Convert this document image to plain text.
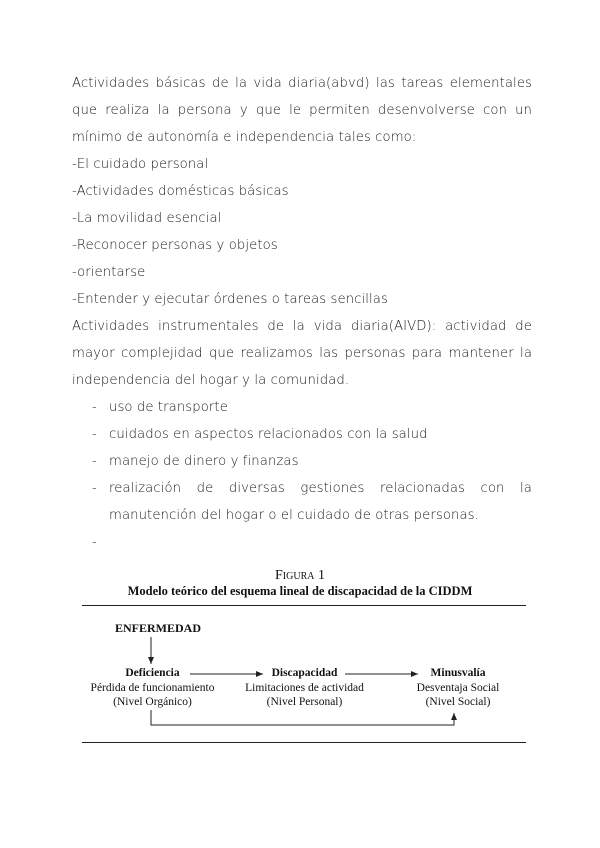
Actividades básicas de la vida diaria(abvd) las tareas elementales que realiza la persona y que le permiten desenvolverse con un mínimo de autonomía e independencia tales como:
-El cuidado personal
-Actividades domésticas básicas
-La movilidad esencial
-Reconocer personas y objetos
-orientarse
-Entender y ejecutar órdenes o tareas sencillas
Actividades instrumentales de la vida diaria(AIVD): actividad de mayor complejidad que realizamos las personas para mantener la independencia del hogar y la comunidad.
- uso de transporte
- cuidados en aspectos relacionados con la salud
- manejo de dinero y finanzas
- realización de diversas gestiones relacionadas con la manutención del hogar o el cuidado de otras personas.
-
Figura 1
Modelo teórico del esquema lineal de discapacidad de la CIDDM
ENFERMEDAD
Deficiencia
Pérdida de funcionamiento
(Nivel Orgánico)
Discapacidad
Limitaciones de actividad
(Nivel Personal)
Minusvalía
Desventaja Social
(Nivel Social)
